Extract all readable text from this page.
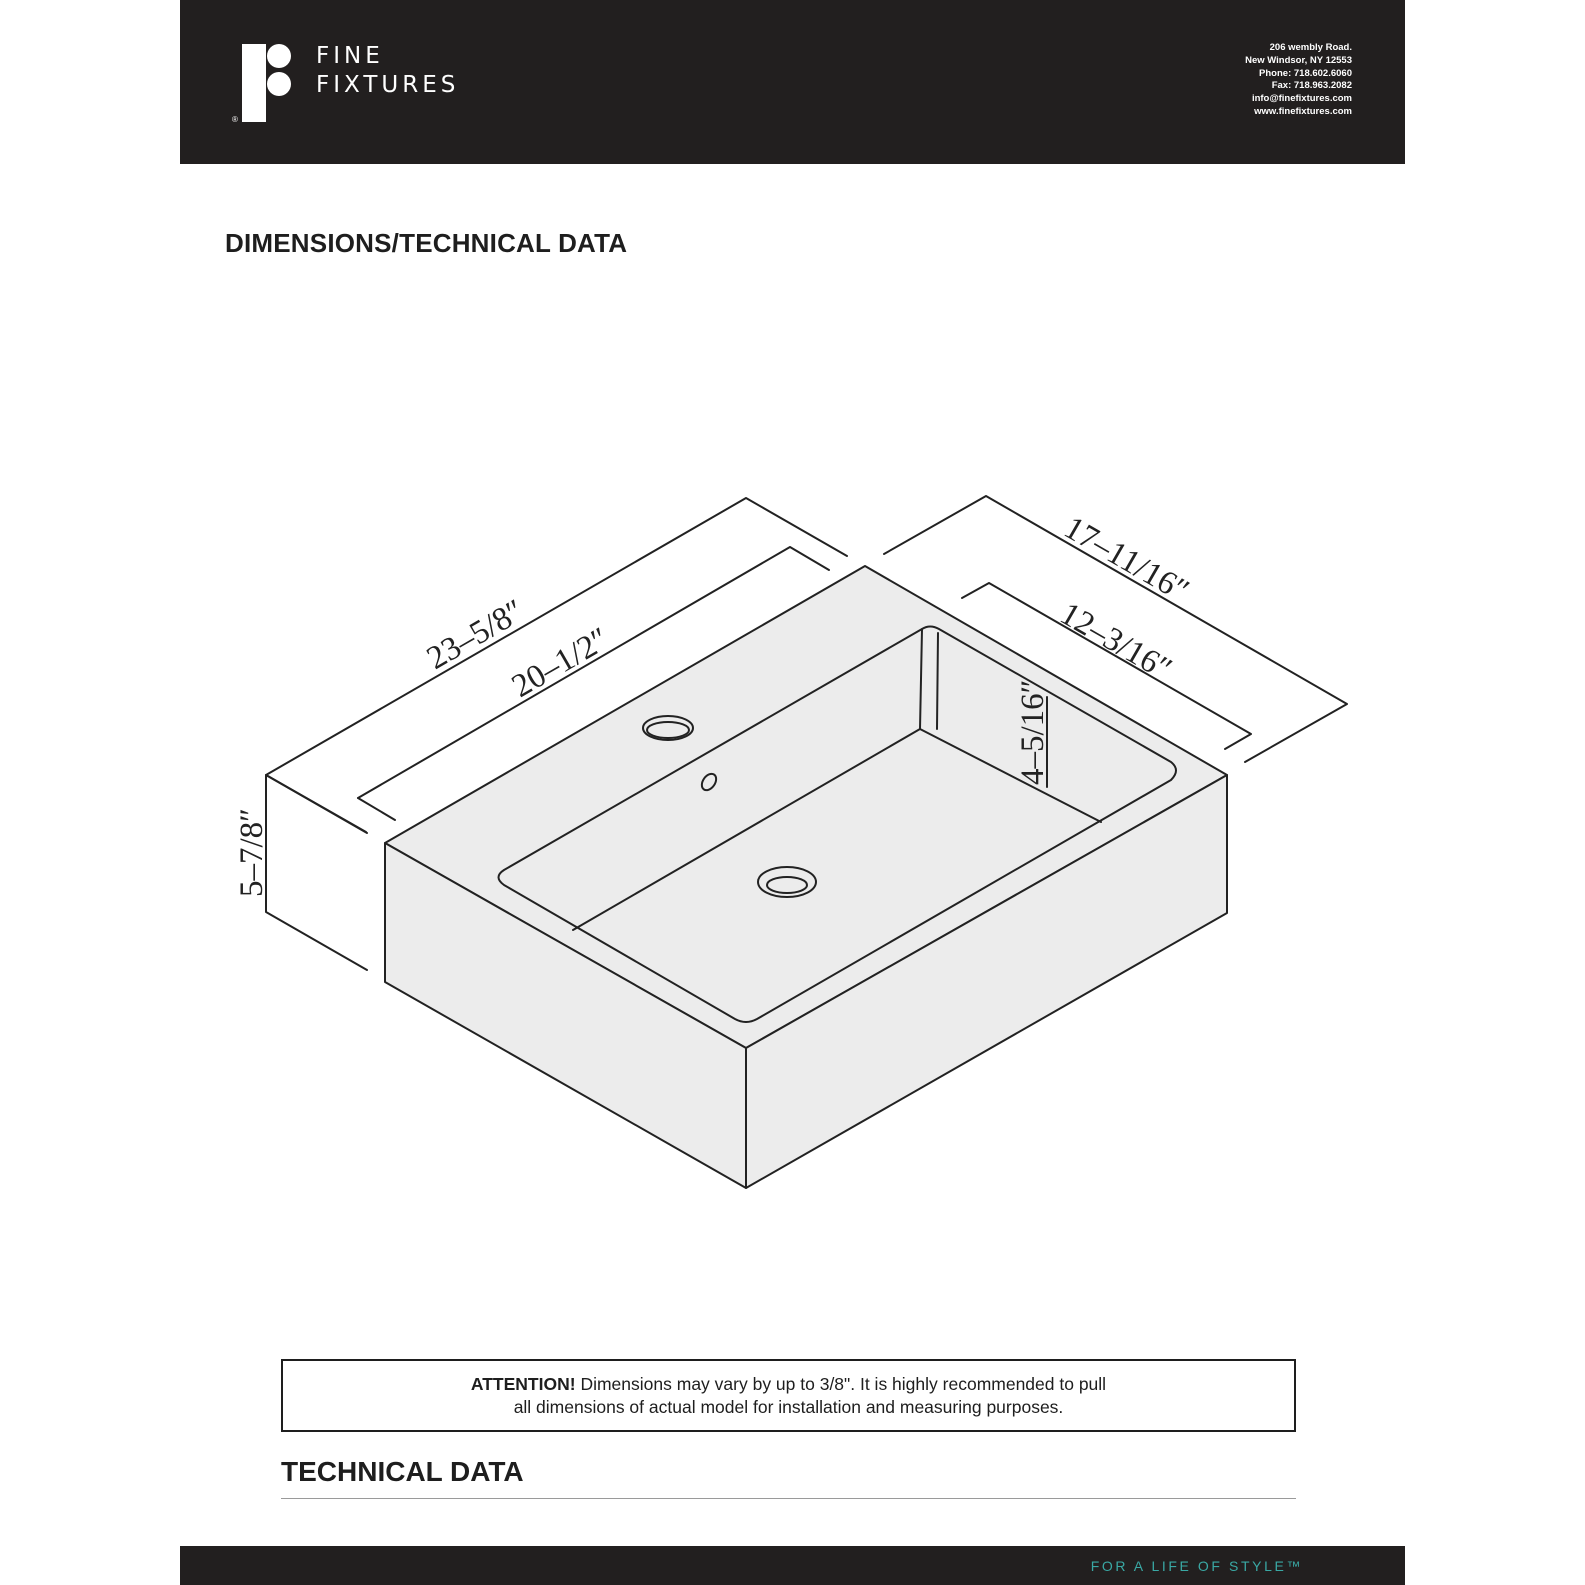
®
FINE
FIXTURES
206 wembly Road.
New Windsor, NY 12553
Phone: 718.602.6060
Fax: 718.963.2082
info@finefixtures.com
www.finefixtures.com
DIMENSIONS/TECHNICAL DATA
23–5/8″
20–1/2″
17–11/16″
12–3/16″
5–7/8″
4–5/16″
ATTENTION! Dimensions may vary by up to 3/8". It is highly recommended to pull
all dimensions of actual model for installation and measuring purposes.
TECHNICAL DATA
FOR A LIFE OF STYLE™
